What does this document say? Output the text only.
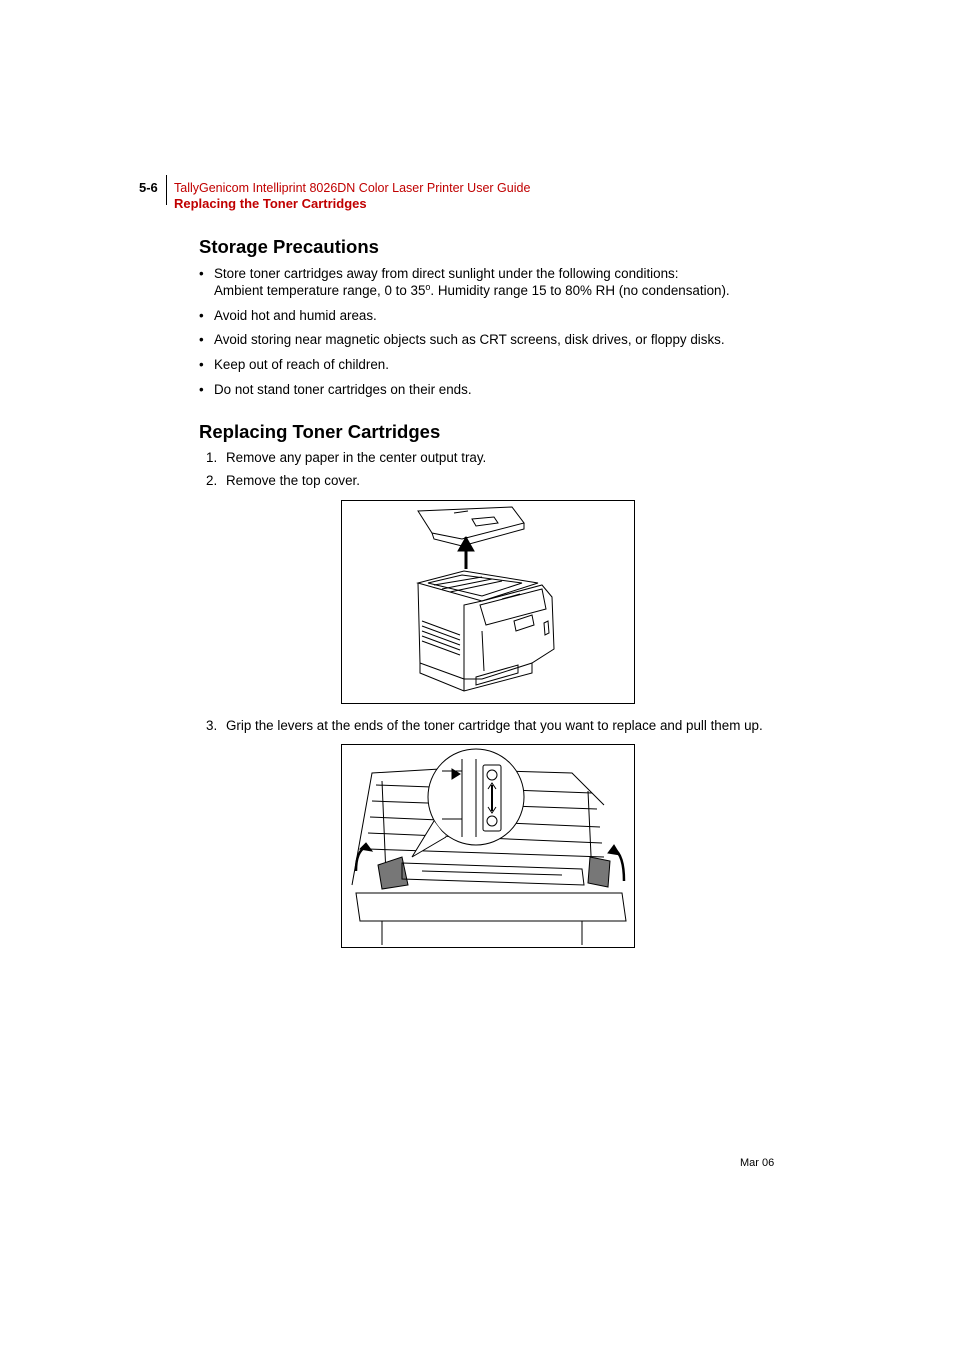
5-6 TallyGenicom Intelliprint 8026DN Color Laser Printer User Guide
Replacing the Toner Cartridges
Storage Precautions
• Store toner cartridges away from direct sunlight under the following conditions:
Ambient temperature range, 0 to 35$^o$. Humidity range 15 to 80% RH (no condensation).
• Avoid hot and humid areas.
• Avoid storing near magnetic objects such as CRT screens, disk drives, or floppy disks.
• Keep out of reach of children.
• Do not stand toner cartridges on their ends.
Replacing Toner Cartridges
1. Remove any paper in the center output tray.
2. Remove the top cover.
3. Grip the levers at the ends of the toner cartridge that you want to replace and pull them up.
Mar 06
